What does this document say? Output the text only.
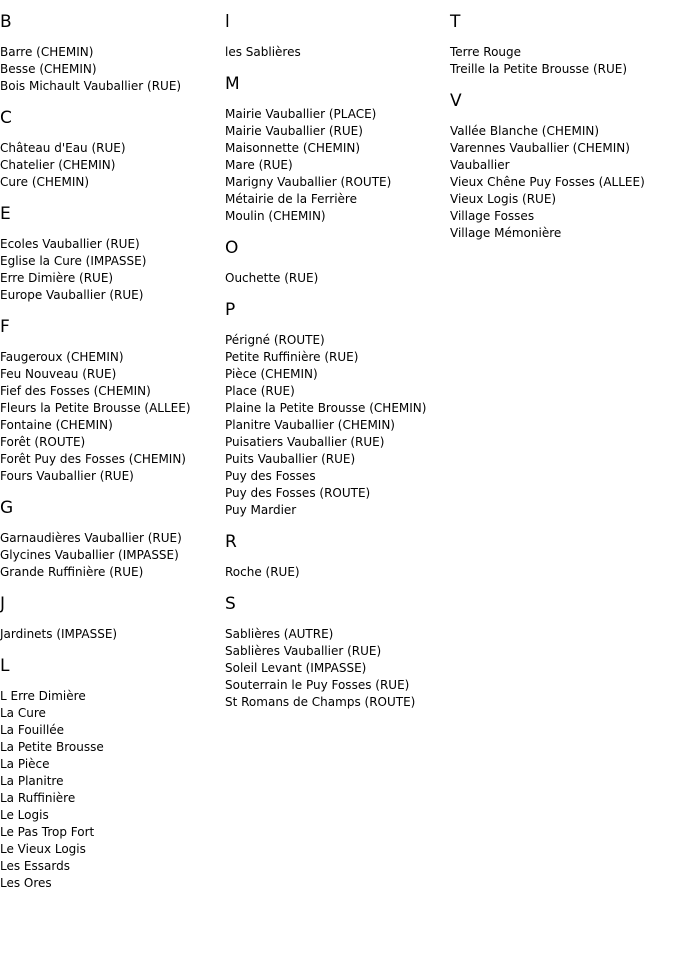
B
Barre (CHEMIN)
Besse (CHEMIN)
Bois Michault Vauballier (RUE)
C
Château d'Eau (RUE)
Chatelier (CHEMIN)
Cure (CHEMIN)
E
Ecoles Vauballier (RUE)
Eglise la Cure (IMPASSE)
Erre Dimière (RUE)
Europe Vauballier (RUE)
F
Faugeroux (CHEMIN)
Feu Nouveau (RUE)
Fief des Fosses (CHEMIN)
Fleurs la Petite Brousse (ALLEE)
Fontaine (CHEMIN)
Forêt (ROUTE)
Forêt Puy des Fosses (CHEMIN)
Fours Vauballier (RUE)
G
Garnaudières Vauballier (RUE)
Glycines Vauballier (IMPASSE)
Grande Ruffinière (RUE)
J
Jardinets (IMPASSE)
L
L Erre Dimière
La Cure
La Fouillée
La Petite Brousse
La Pièce
La Planitre
La Ruffinière
Le Logis
Le Pas Trop Fort
Le Vieux Logis
Les Essards
Les Ores
l
les Sablières
M
Mairie Vauballier (PLACE)
Mairie Vauballier (RUE)
Maisonnette (CHEMIN)
Mare (RUE)
Marigny Vauballier (ROUTE)
Métairie de la Ferrière
Moulin (CHEMIN)
O
Ouchette (RUE)
P
Périgné (ROUTE)
Petite Ruffinière (RUE)
Pièce (CHEMIN)
Place (RUE)
Plaine la Petite Brousse (CHEMIN)
Planitre Vauballier (CHEMIN)
Puisatiers Vauballier (RUE)
Puits Vauballier (RUE)
Puy des Fosses
Puy des Fosses (ROUTE)
Puy Mardier
R
Roche (RUE)
S
Sablières (AUTRE)
Sablières Vauballier (RUE)
Soleil Levant (IMPASSE)
Souterrain le Puy Fosses (RUE)
St Romans de Champs (ROUTE)
T
Terre Rouge
Treille la Petite Brousse (RUE)
V
Vallée Blanche (CHEMIN)
Varennes Vauballier (CHEMIN)
Vauballier
Vieux Chêne Puy Fosses (ALLEE)
Vieux Logis (RUE)
Village Fosses
Village Mémonière
